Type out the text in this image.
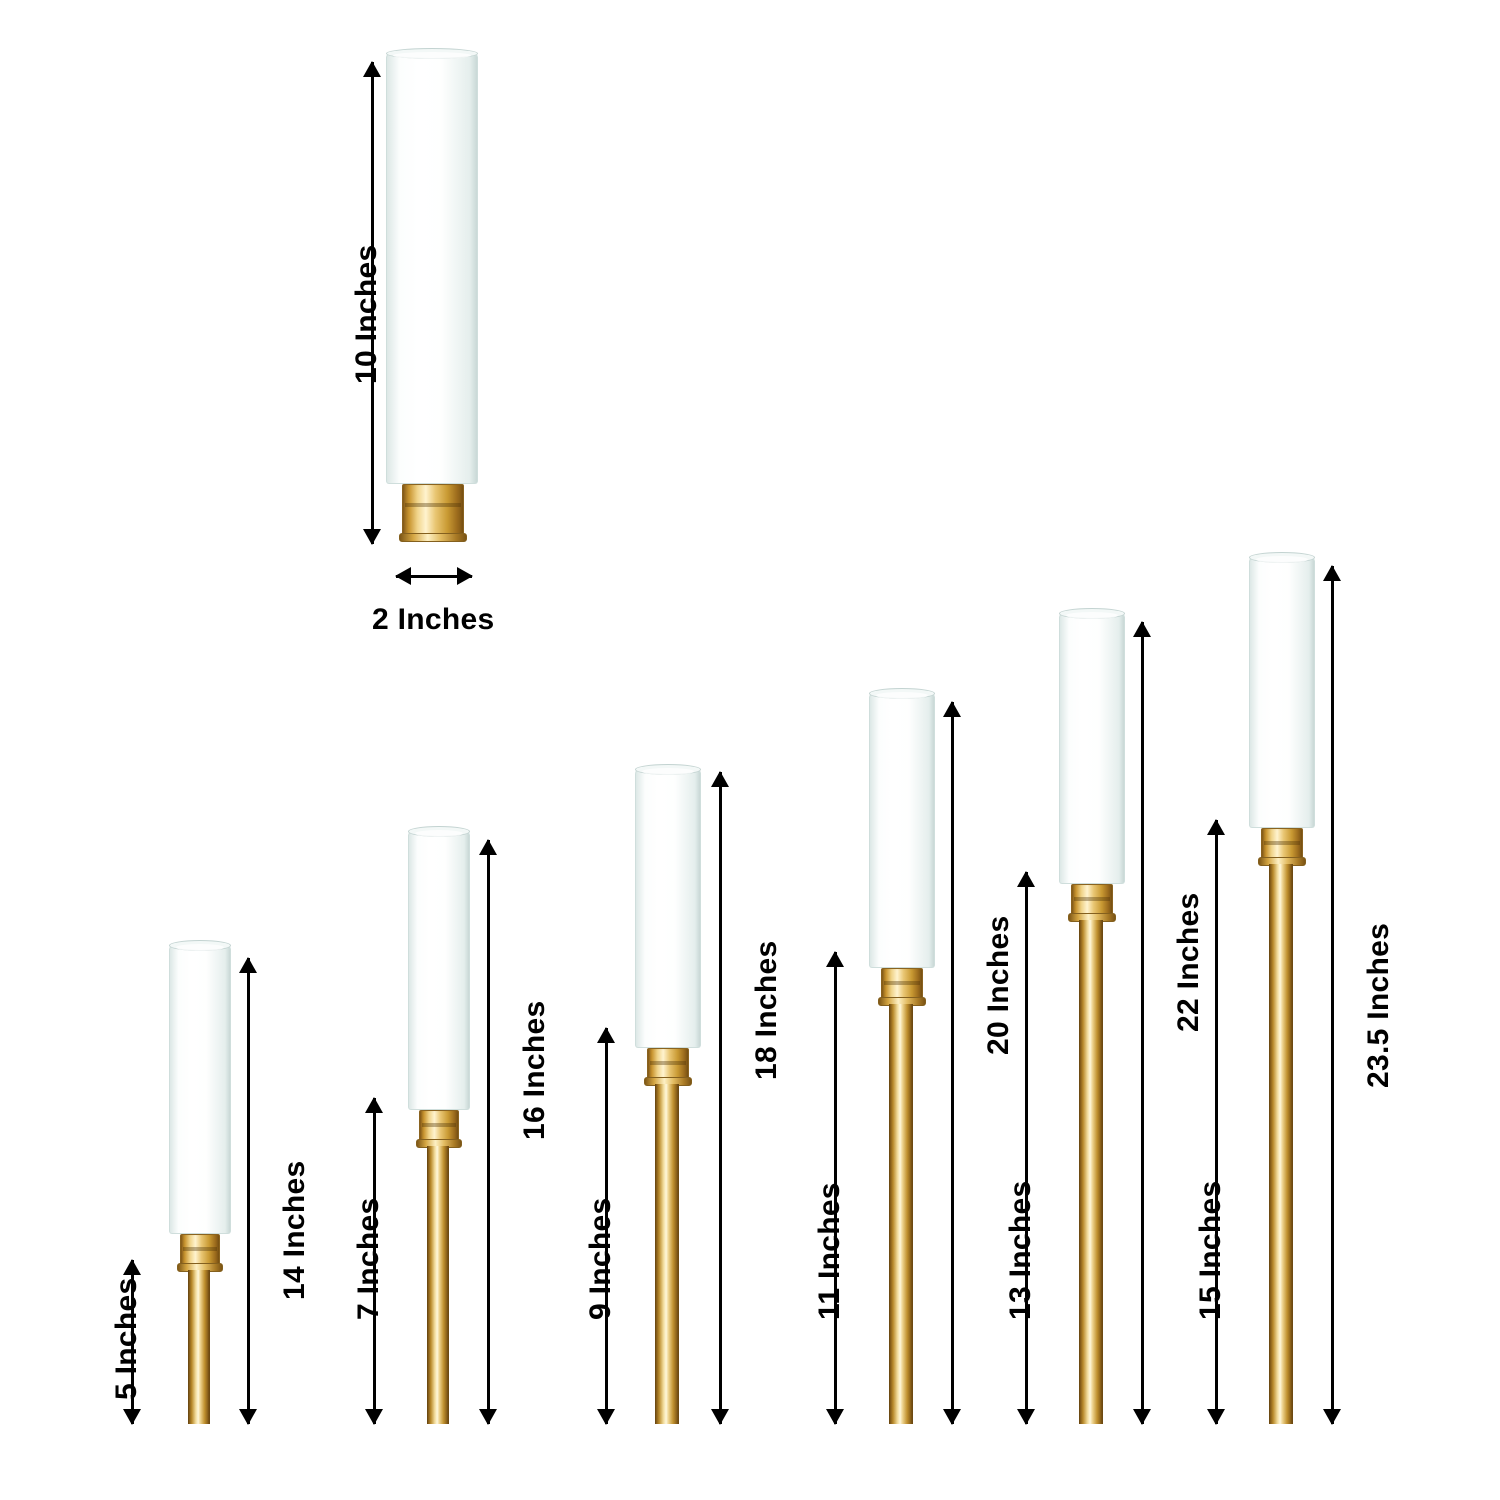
10 Inches
2 Inches
5 Inches
14 Inches 7 Inches
16 Inches
9 Inches
18 Inches
11 Inches
20 Inches
13 Inches
22 Inches
15 Inches
23.5 Inches
